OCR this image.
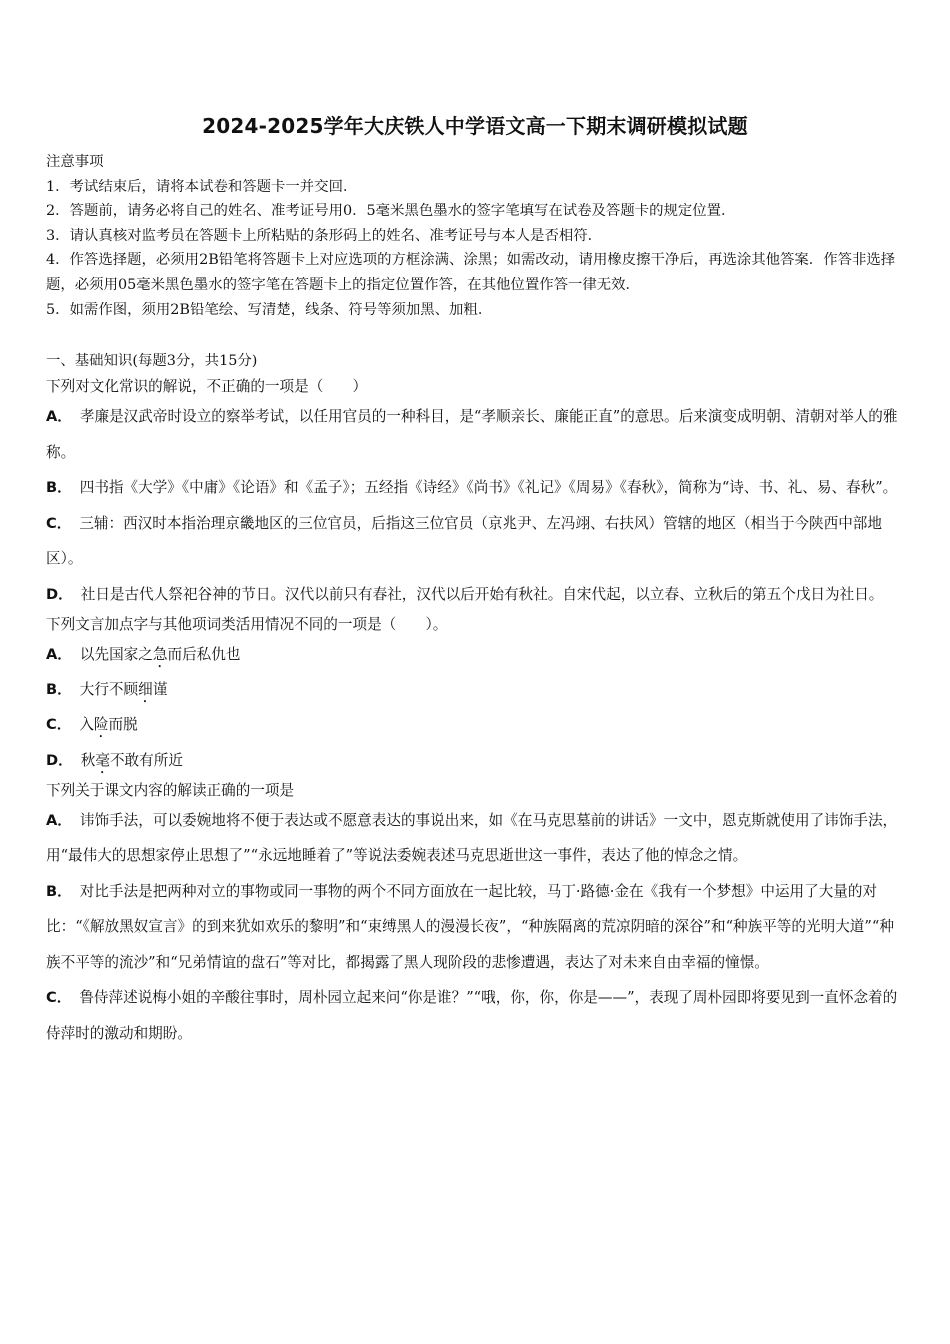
2024-2025学年大庆铁人中学语文高一下期末调研模拟试题

注意事项

1．考试结束后，请将本试卷和答题卡一并交回．

2．答题前，请务必将自己的姓名、准考证号用0．5毫米黑色墨水的签字笔填写在试卷及答题卡的规定位置．

3．请认真核对监考员在答题卡上所粘贴的条形码上的姓名、准考证号与本人是否相符．

4．作答选择题，必须用2B铅笔将答题卡上对应选项的方框涂满、涂黑；如需改动，请用橡皮擦干净后，再选涂其他答案．作答非选择题，必须用05毫米黑色墨水的签字笔在答题卡上的指定位置作答，在其他位置作答一律无效．

5．如需作图，须用2B铅笔绘、写清楚，线条、符号等须加黑、加粗．

一、基础知识(每题3分，共15分)

下列对文化常识的解说，不正确的一项是（　　）

A． 孝廉是汉武帝时设立的察举考试，以任用官员的一种科目，是“孝顺亲长、廉能正直”的意思。后来演变成明朝、清朝对举人的雅称。

B． 四书指《大学》《中庸》《论语》和《孟子》；五经指《诗经》《尚书》《礼记》《周易》《春秋》，简称为“诗、书、礼、易、春秋”。

C． 三辅：西汉时本指治理京畿地区的三位官员，后指这三位官员（京兆尹、左冯翊、右扶风）管辖的地区（相当于今陕西中部地区）。

D． 社日是古代人祭祀谷神的节日。汉代以前只有春社，汉代以后开始有秋社。自宋代起，以立春、立秋后的第五个戊日为社日。

下列文言加点字与其他项词类活用情况不同的一项是（　　）。

A． 以先国家之急而后私仇也

B． 大行不顾细谨

C． 入险而脱

D． 秋毫不敢有所近

下列关于课文内容的解读正确的一项是

A． 讳饰手法，可以委婉地将不便于表达或不愿意表达的事说出来，如《在马克思墓前的讲话》一文中，恩克斯就使用了讳饰手法，用“最伟大的思想家停止思想了”“永远地睡着了”等说法委婉表述马克思逝世这一事件，表达了他的悼念之情。

B． 对比手法是把两种对立的事物或同一事物的两个不同方面放在一起比较，马丁·路德·金在《我有一个梦想》中运用了大量的对比：“《解放黑奴宣言》的到来犹如欢乐的黎明”和“束缚黑人的漫漫长夜”，“种族隔离的荒凉阴暗的深谷”和“种族平等的光明大道”“种族不平等的流沙”和“兄弟情谊的盘石”等对比，都揭露了黑人现阶段的悲惨遭遇，表达了对未来自由幸福的憧憬。

C． 鲁侍萍述说梅小姐的辛酸往事时，周朴园立起来问“你是谁？”“哦，你，你，你是——”，表现了周朴园即将要见到一直怀念着的侍萍时的激动和期盼。
